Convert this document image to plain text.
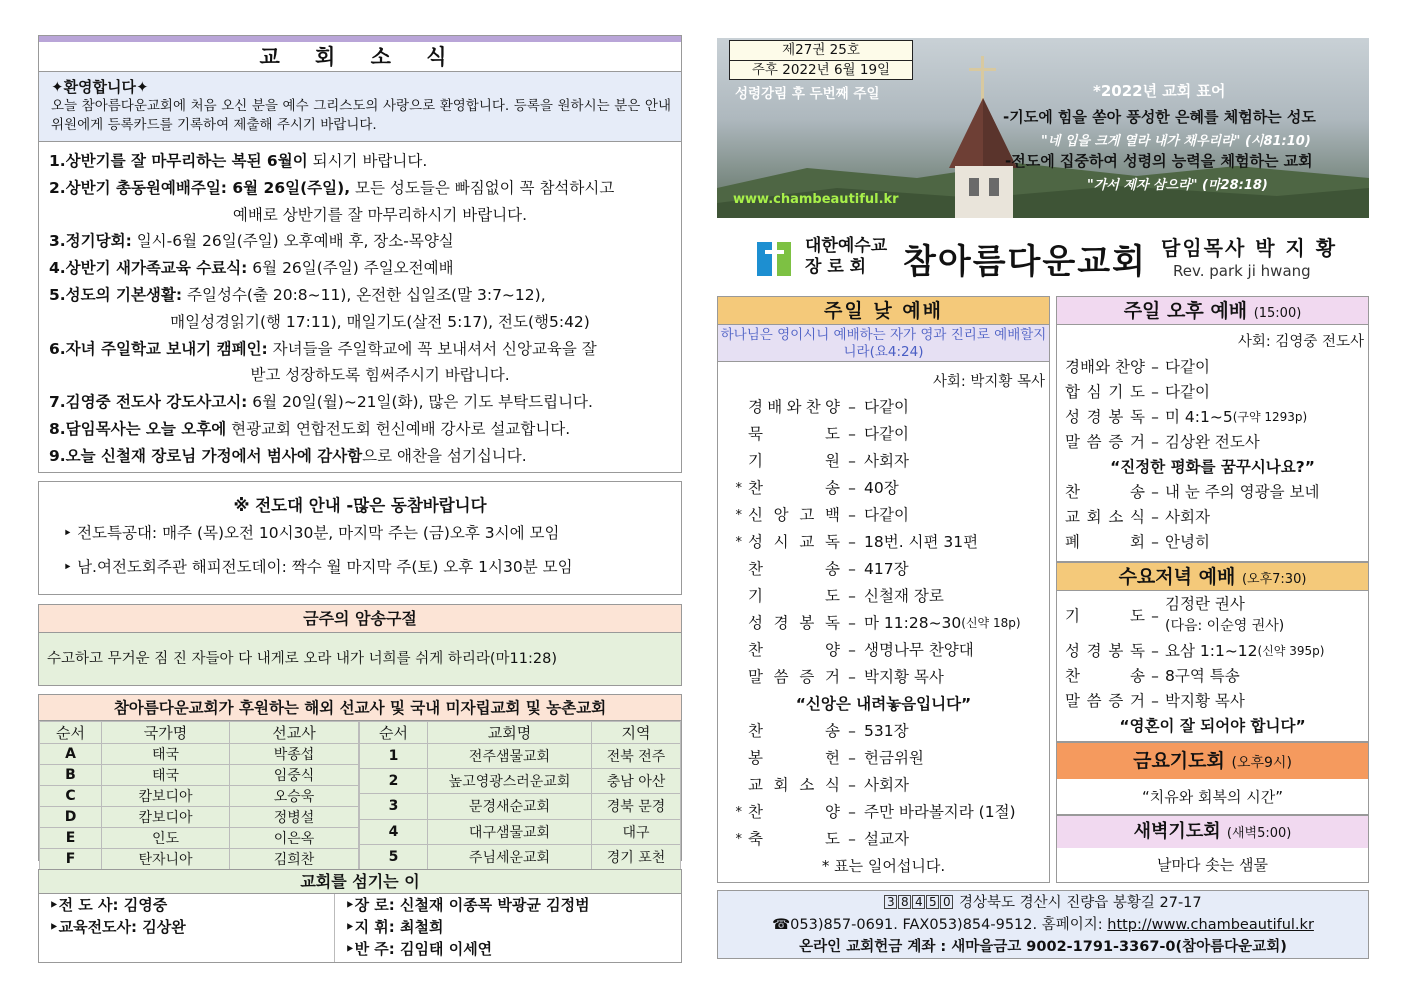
교 회 소 식
✦환영합니다✦
오늘 참아름다운교회에 처음 오신 분을 예수 그리스도의 사랑으로 환영합니다. 등록을 원하시는 분은 안내위원에게 등록카드를 기록하여 제출해 주시기 바랍니다.
1.상반기를 잘 마무리하는 복된 6월이 되시기 바랍니다.
2.상반기 총동원예배주일: 6월 26일(주일), 모든 성도들은 빠짐없이 꼭 참석하시고
예배로 상반기를 잘 마무리하시기 바랍니다.
3.정기당회: 일시-6월 26일(주일) 오후예배 후, 장소-목양실
4.상반기 새가족교육 수료식: 6월 26일(주일) 주일오전예배
5.성도의 기본생활: 주일성수(출 20:8~11), 온전한 십일조(말 3:7~12),
매일성경읽기(행 17:11), 매일기도(살전 5:17), 전도(행5:42)
6.자녀 주일학교 보내기 캠페인: 자녀들을 주일학교에 꼭 보내셔서 신앙교육을 잘
받고 성장하도록 힘써주시기 바랍니다.
7.김영중 전도사 강도사고시: 6월 20일(월)~21일(화), 많은 기도 부탁드립니다.
8.담임목사는 오늘 오후에 현광교회 연합전도회 헌신예배 강사로 설교합니다.
9.오늘 신철재 장로님 가정에서 범사에 감사함으로 애찬을 섬기십니다.
※ 전도대 안내 -많은 동참바랍니다
‣ 전도특공대: 매주 (목)오전 10시30분, 마지막 주는 (금)오후 3시에 모임
‣ 남.여전도회주관 해피전도데이: 짝수 월 마지막 주(토) 오후 1시30분 모임
금주의 암송구절
수고하고 무거운 짐 진 자들아 다 내게로 오라 내가 너희를 쉬게 하리라(마11:28)
참아름다운교회가 후원하는 해외 선교사 및 국내 미자립교회 및 농촌교회
순서	국가명	선교사
A	태국	박종섭
B	태국	임중식
C	캄보디아	오승욱
D	캄보디아	정병설
E	인도	이은옥
F	탄자니아	김희찬
순서	교회명	지역
1	전주샘물교회	전북 전주
2	높고영광스러운교회	충남 아산
3	문경새순교회	경북 문경
4	대구샘물교회	대구
5	주님세운교회	경기 포천
교회를 섬기는 이
‣전 도 사: 김영중
‣교육전도사: 김상완
‣장 로: 신철재 이종목 박광균 김정범
‣지 휘: 최철희
‣반 주: 김임태 이세연
제27권 25호
주후 2022년 6월 19일
성령강림 후 두번째 주일	*2022년 교회 표어
-기도에 힘을 쏟아 풍성한 은혜를 체험하는 성도
"네 입을 크게 열라 내가 채우리라" (시81:10)
-전도에 집중하여 성령의 능력을 체험하는 교회
"가서 제자 삼으라" (마28:18)
www.chambeautiful.kr
대한예수교
장 로 회	참아름다운교회 담임목사 박 지 황
Rev. park ji hwang
주일 낮 예배
하나님은 영이시니 예배하는 자가 영과 진리로 예배할지니라(요4:24)
사회: 박지황 목사
경 배 와 찬 양 – 다같이
묵	도 – 다같이
기	원 – 사회자
* 찬	송 – 40장
* 신 앙 고 백 – 다같이
* 성 시 교 독 – 18번. 시편 31편
찬	송 – 417장
기	도 – 신철재 장로
성 경 봉 독 – 마 11:28~30 (신약 18p)
찬	양 – 생명나무 찬양대
말 씀 증 거 – 박지황 목사
“신앙은 내려놓음입니다”
찬	송 – 531장
봉	헌 – 헌금위원
교 회 소 식 – 사회자
* 찬	양 – 주만 바라볼지라 (1절)
* 축	도 – 설교자
* 표는 일어섭니다.
주일 오후 예배 (15:00)
사회: 김영중 전도사
경배와 찬양 – 다같이
합 심 기 도 – 다같이
성 경 봉 독 – 미 4:1~5 (구약 1293p)
말 씀 증 거 – 김상완 전도사
“진정한 평화를 꿈꾸시나요?”
찬	송 – 내 눈 주의 영광을 보네
교 회 소 식 – 사회자
폐	회 – 안녕히
수요저녁 예배 (오후7:30)
기	도 –
김정란 권사
(다음: 이순영 권사)
성 경 봉 독 – 요삼 1:1~12 (신약 395p)
찬	송 – 8구역 특송
말 씀 증 거 – 박지황 목사
“영혼이 잘 되어야 합니다”
금요기도회 (오후9시)
“치유와 회복의 시간”
새벽기도회 (새벽5:00)
날마다 솟는 샘물
3 8 4 5 0 경상북도 경산시 진량읍 봉황길 27-17
☎053)857-0691. FAX053)854-9512. 홈페이지: http://www.chambeautiful.kr
온라인 교회헌금 계좌 : 새마을금고 9002-1791-3367-0(참아름다운교회)
